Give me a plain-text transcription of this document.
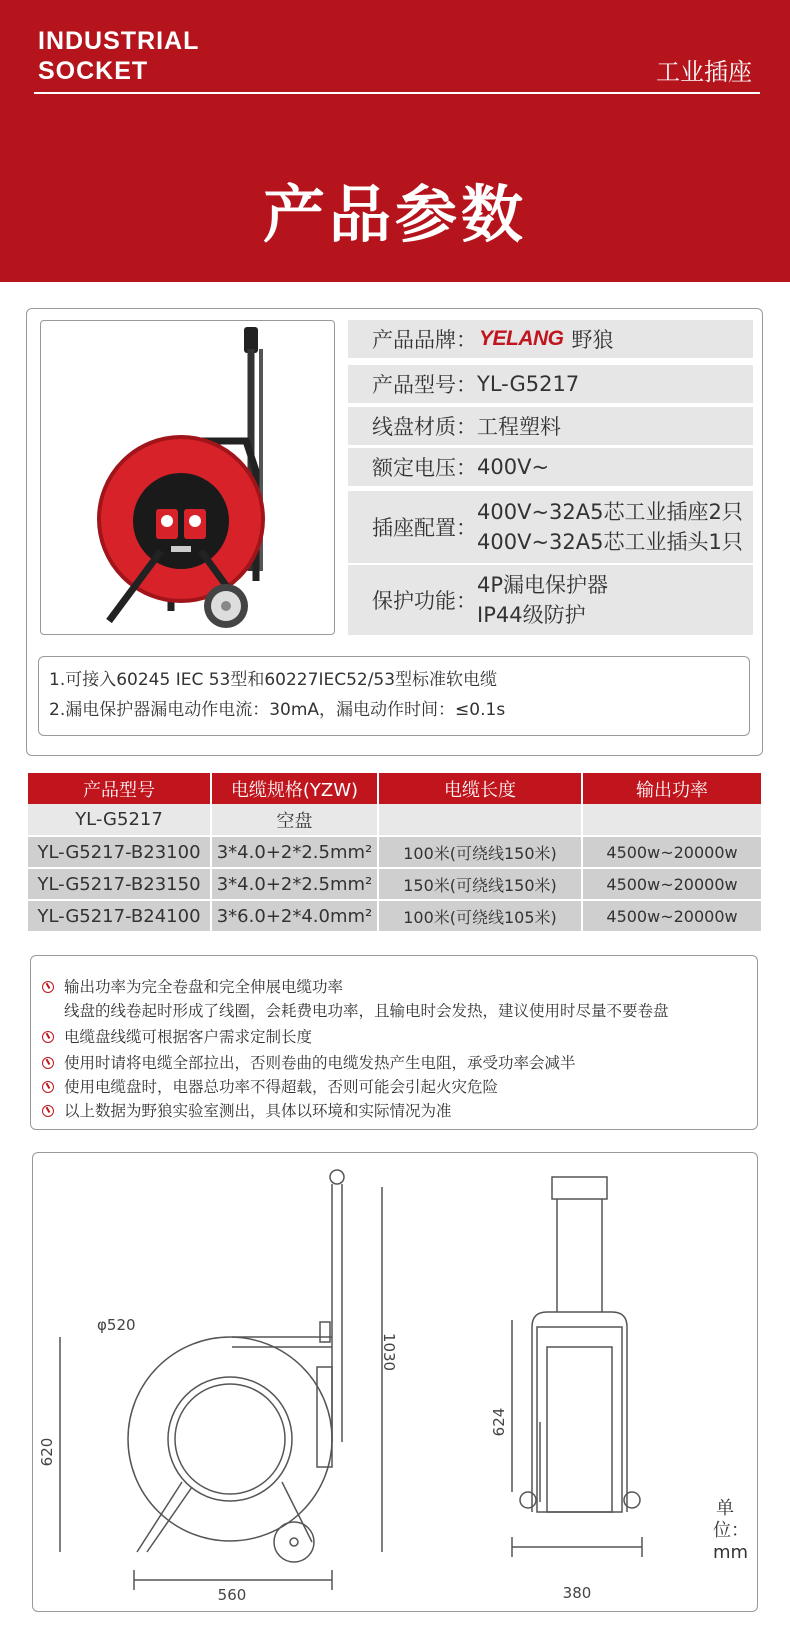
INDUSTRIAL
SOCKET	工业插座
产品参数
产品品牌： YELANG 野狼
产品型号： YL-G5217
线盘材质： 工程塑料
额定电压： 400V~
插座配置：
400V~32A5芯工业插座2只
400V~32A5芯工业插头1只
保护功能：
4P漏电保护器
IP44级防护
1.可接入60245 IEC 53型和60227IEC52/53型标准软电缆
2.漏电保护器漏电动作电流：30mA，漏电动作时间：≤0.1s
产品型号	电缆规格(YZW)	电缆长度	输出功率
YL-G5217	空盘		
YL-G5217-B23100	3*4.0+2*2.5mm²	100米(可绕线150米)	4500w~20000w
YL-G5217-B23150	3*4.0+2*2.5mm²	150米(可绕线150米)	4500w~20000w
YL-G5217-B24100	3*6.0+2*4.0mm²	100米(可绕线105米)	4500w~20000w
输出功率为完全卷盘和完全伸展电缆功率
线盘的线卷起时形成了线圈，会耗费电功率，且输电时会发热，建议使用时尽量不要卷盘
电缆盘线缆可根据客户需求定制长度
使用时请将电缆全部拉出，否则卷曲的电缆发热产生电阻，承受功率会减半
使用电缆盘时，电器总功率不得超载，否则可能会引起火灾危险
以上数据为野狼实验室测出，具体以环境和实际情况为准
φ520
620
1030
560
624
380
单位：mm
